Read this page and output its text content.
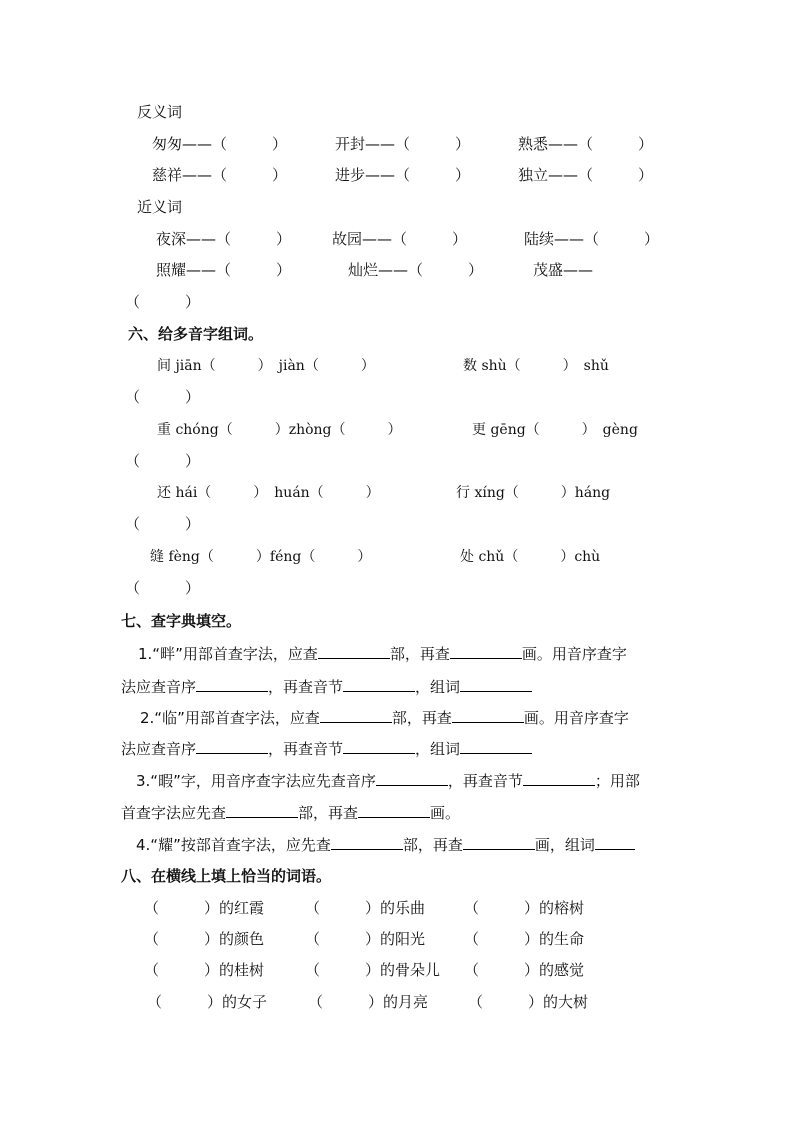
反义词
匆匆——（　　　）	开封——（　　　）	熟悉——（　　　）
慈祥——（　　　）	进步——（　　　）	独立——（　　　）
近义词
夜深——（　　　）	故园——（　　　）	陆续——（　　　）
照耀——（　　　）	灿烂——（　　　）	茂盛——
（　　　）
六、给多音字组词。
间 jiān（　　　）　jiàn（　　　）	数 shù（　　　）　shǔ
（　　　）
重 chóng（　　　）zhòng（　　　）	更 gēng（　　　）　gèng
（　　　）
还 hái（　　　）　huán（　　　）	行 xíng（　　　）háng
（　　　）
缝 fèng（　　　）féng（　　　）	处 chǔ（　　　）chù
（　　　）
七、查字典填空。
1.“畔”用部首查字法，应查	部，再查	画。用音序查字
法应查音序	，再查音节	，组词
2.“临”用部首查字法，应查	部，再查	画。用音序查字
法应查音序	，再查音节	，组词
3.“暇”字，用音序查字法应先查音序	，再查音节	；用部
首查字法应先查	部，再查	画。
4.“耀”按部首查字法，应先查	部，再查	画，组词
八、在横线上填上恰当的词语。
（　　　）的红霞	（　　　）的乐曲	（　　　）的榕树
（　　　）的颜色	（　　　）的阳光	（　　　）的生命
（　　　）的桂树	（　　　）的骨朵儿 （　　　）的感觉
（　　　）的女子	（　　　）的月亮	（　　　）的大树
